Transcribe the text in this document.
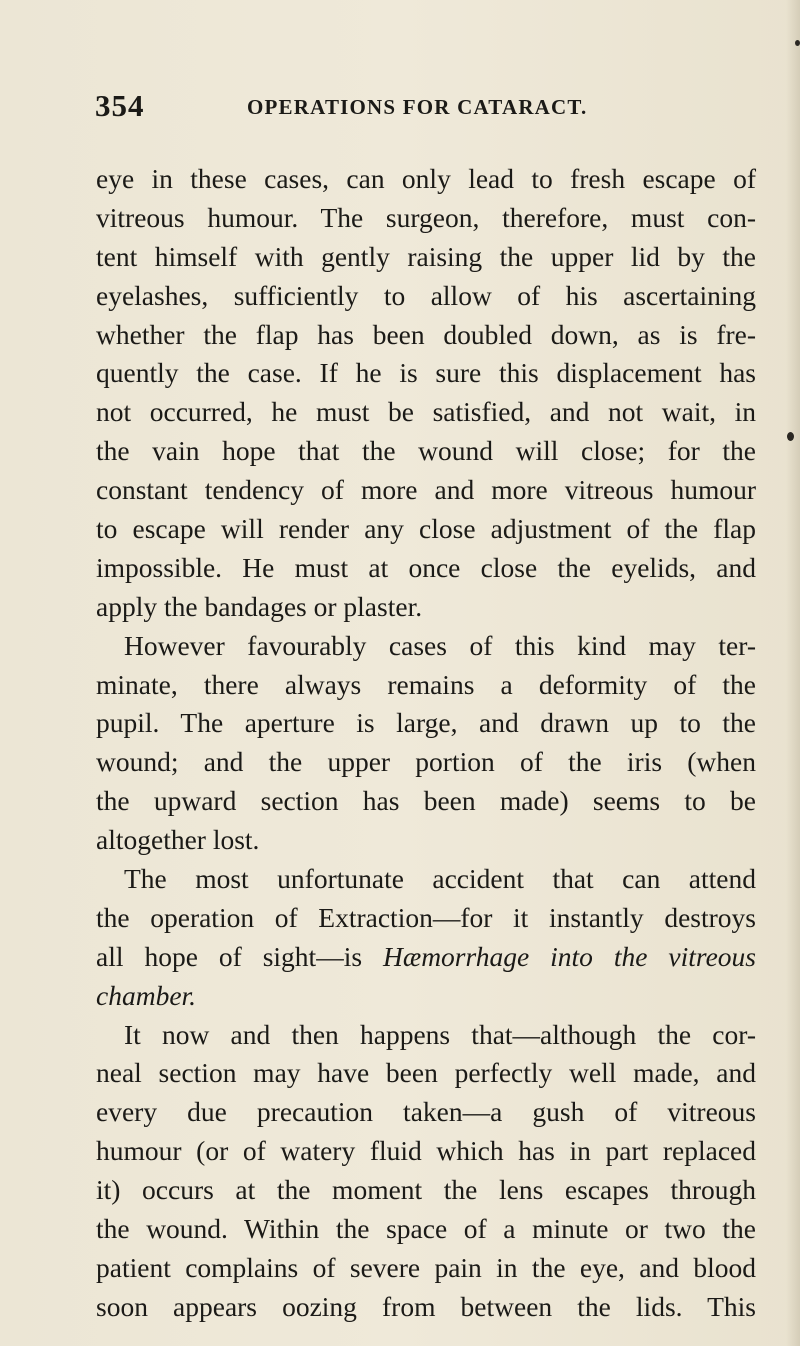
354	OPERATIONS FOR CATARACT.
eye in these cases, can only lead to fresh escape of
vitreous humour. The surgeon, therefore, must con-
tent himself with gently raising the upper lid by the
eyelashes, sufficiently to allow of his ascertaining
whether the flap has been doubled down, as is fre-
quently the case. If he is sure this displacement has
not occurred, he must be satisfied, and not wait, in
the vain hope that the wound will close; for the
constant tendency of more and more vitreous humour
to escape will render any close adjustment of the flap
impossible. He must at once close the eyelids, and
apply the bandages or plaster.
However favourably cases of this kind may ter-
minate, there always remains a deformity of the
pupil. The aperture is large, and drawn up to the
wound; and the upper portion of the iris (when
the upward section has been made) seems to be
altogether lost.
The most unfortunate accident that can attend
the operation of Extraction—for it instantly destroys
all hope of sight—is Hæmorrhage into the vitreous
chamber.
It now and then happens that—although the cor-
neal section may have been perfectly well made, and
every due precaution taken—a gush of vitreous
humour (or of watery fluid which has in part replaced
it) occurs at the moment the lens escapes through
the wound. Within the space of a minute or two the
patient complains of severe pain in the eye, and blood
soon appears oozing from between the lids. This
